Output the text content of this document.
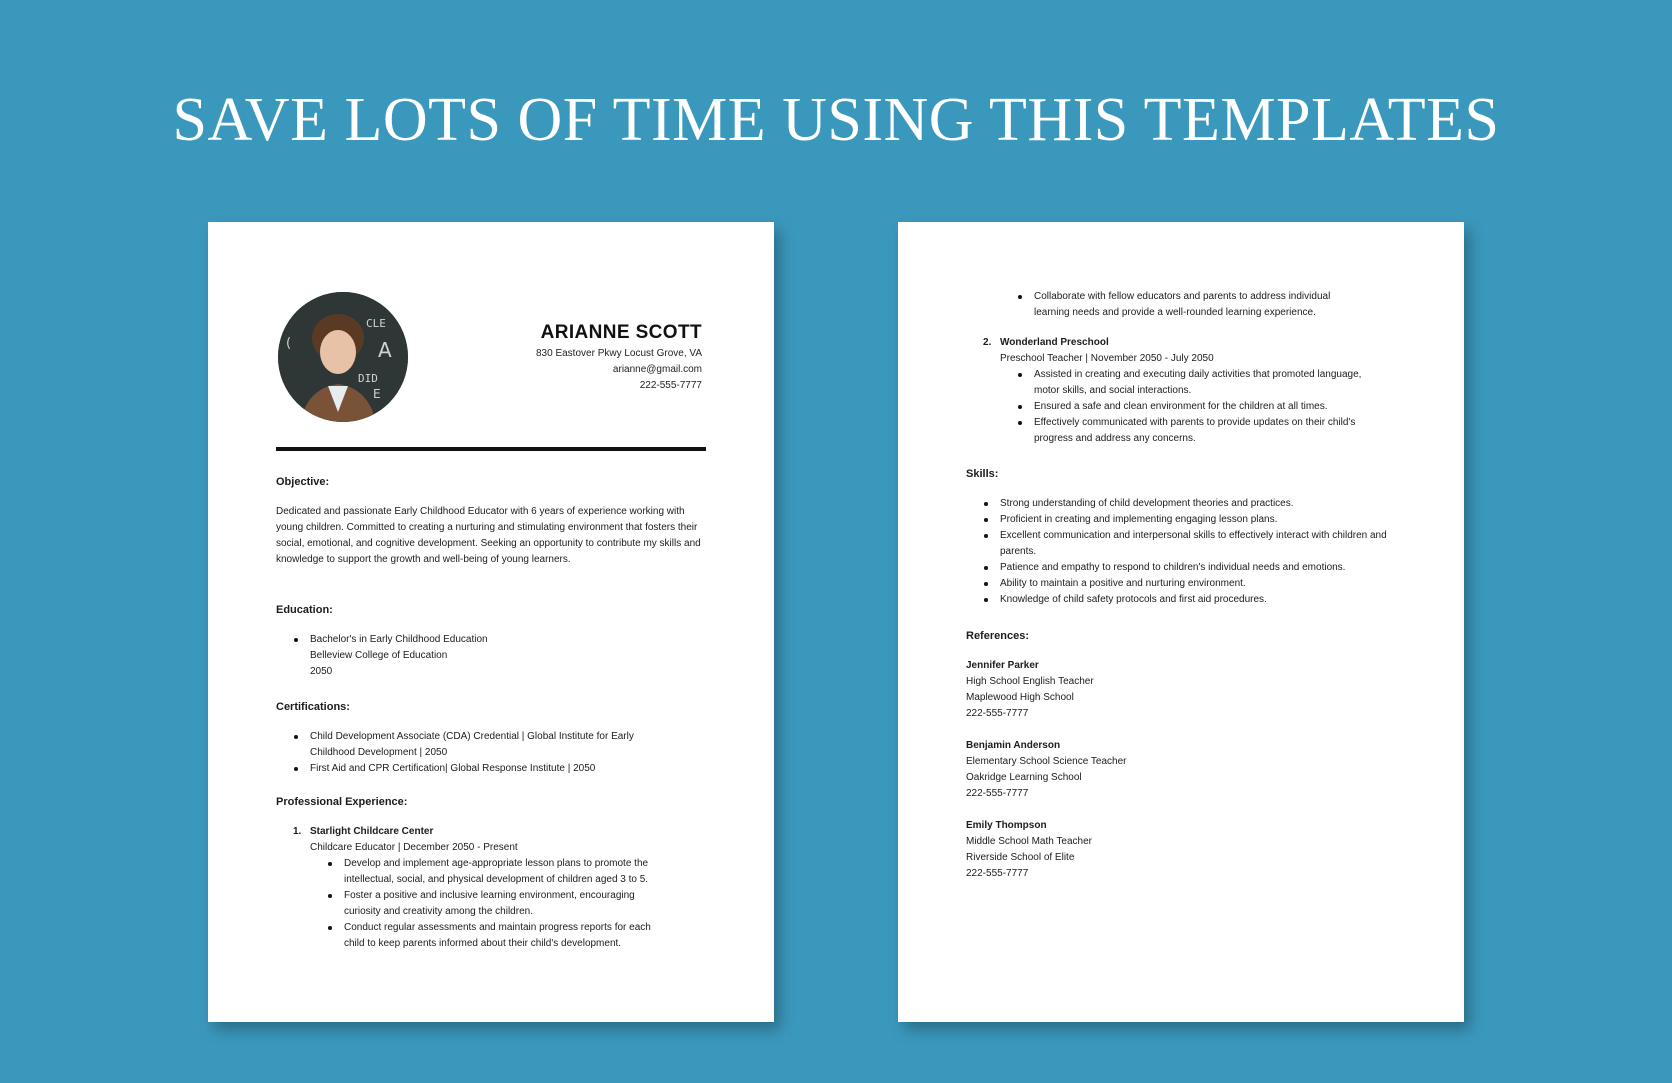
SAVE LOTS OF TIME USING THIS TEMPLATES
CLE
A
DID
E
(
ARIANNE SCOTT
830 Eastover Pkwy Locust Grove, VA
arianne@gmail.com
222-555-7777
Objective:

Dedicated and passionate Early Childhood Educator with 6 years of experience working with young children. Committed to creating a nurturing and stimulating environment that fosters their social, emotional, and cognitive development. Seeking an opportunity to contribute my skills and knowledge to support the growth and well-being of young learners.

Education:
Bachelor's in Early Childhood Education
Belleview College of Education
2050
Certifications:
Child Development Associate (CDA) Credential | Global Institute for Early Childhood Development | 2050
First Aid and CPR Certification| Global Response Institute | 2050
Professional Experience:
1. Starlight Childcare Center
Childcare Educator | December 2050 - Present
Develop and implement age-appropriate lesson plans to promote the intellectual, social, and physical development of children aged 3 to 5.
Foster a positive and inclusive learning environment, encouraging curiosity and creativity among the children.
Conduct regular assessments and maintain progress reports for each child to keep parents informed about their child's development.
Collaborate with fellow educators and parents to address individual learning needs and provide a well-rounded learning experience.
2. Wonderland Preschool
Preschool Teacher | November 2050 - July 2050
Assisted in creating and executing daily activities that promoted language, motor skills, and social interactions.
Ensured a safe and clean environment for the children at all times.
Effectively communicated with parents to provide updates on their child's progress and address any concerns.
Skills:
Strong understanding of child development theories and practices.
Proficient in creating and implementing engaging lesson plans.
Excellent communication and interpersonal skills to effectively interact with children and parents.
Patience and empathy to respond to children's individual needs and emotions.
Ability to maintain a positive and nurturing environment.
Knowledge of child safety protocols and first aid procedures.
References:
Jennifer Parker
High School English Teacher
Maplewood High School
222-555-7777
Benjamin Anderson
Elementary School Science Teacher
Oakridge Learning School
222-555-7777
Emily Thompson
Middle School Math Teacher
Riverside School of Elite
222-555-7777
